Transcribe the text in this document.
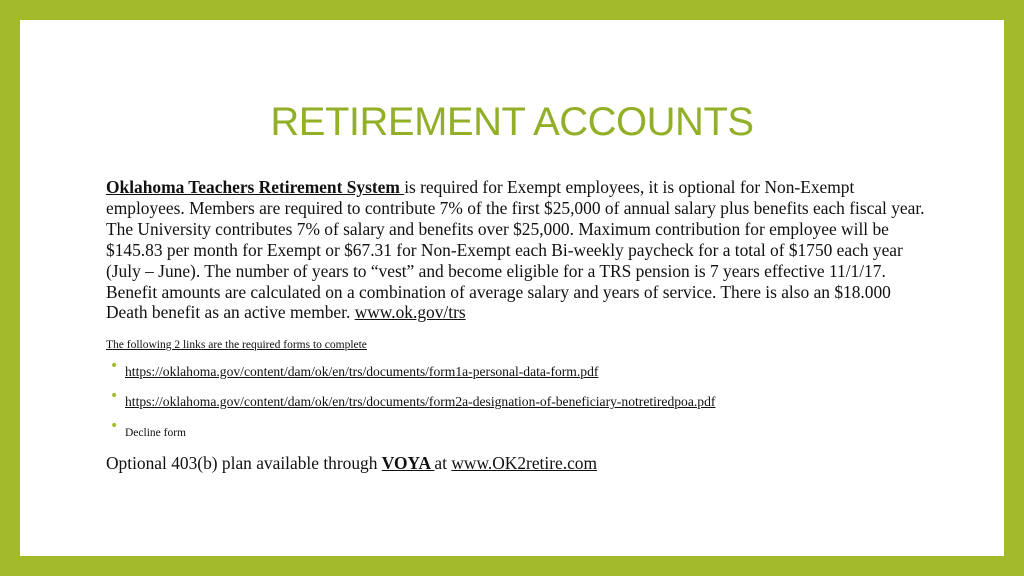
RETIREMENT ACCOUNTS

Oklahoma Teachers Retirement System is required for Exempt employees, it is optional for Non-Exempt employees. Members are required to contribute 7% of the first $25,000 of annual salary plus benefits each fiscal year. The University contributes 7% of salary and benefits over $25,000. Maximum contribution for employee will be $145.83 per month for Exempt or $67.31 for Non-Exempt each Bi-weekly paycheck for a total of $1750 each year (July – June). The number of years to “vest” and become eligible for a TRS pension is 7 years effective 11/1/17. Benefit amounts are calculated on a combination of average salary and years of service. There is also an $18.000 Death benefit as an active member. www.ok.gov/trs

The following 2 links are the required forms to complete

• https://oklahoma.gov/content/dam/ok/en/trs/documents/form1a-personal-data-form.pdf
• https://oklahoma.gov/content/dam/ok/en/trs/documents/form2a-designation-of-beneficiary-notretiredpoa.pdf
• Decline form

Optional 403(b) plan available through VOYA at www.OK2retire.com
